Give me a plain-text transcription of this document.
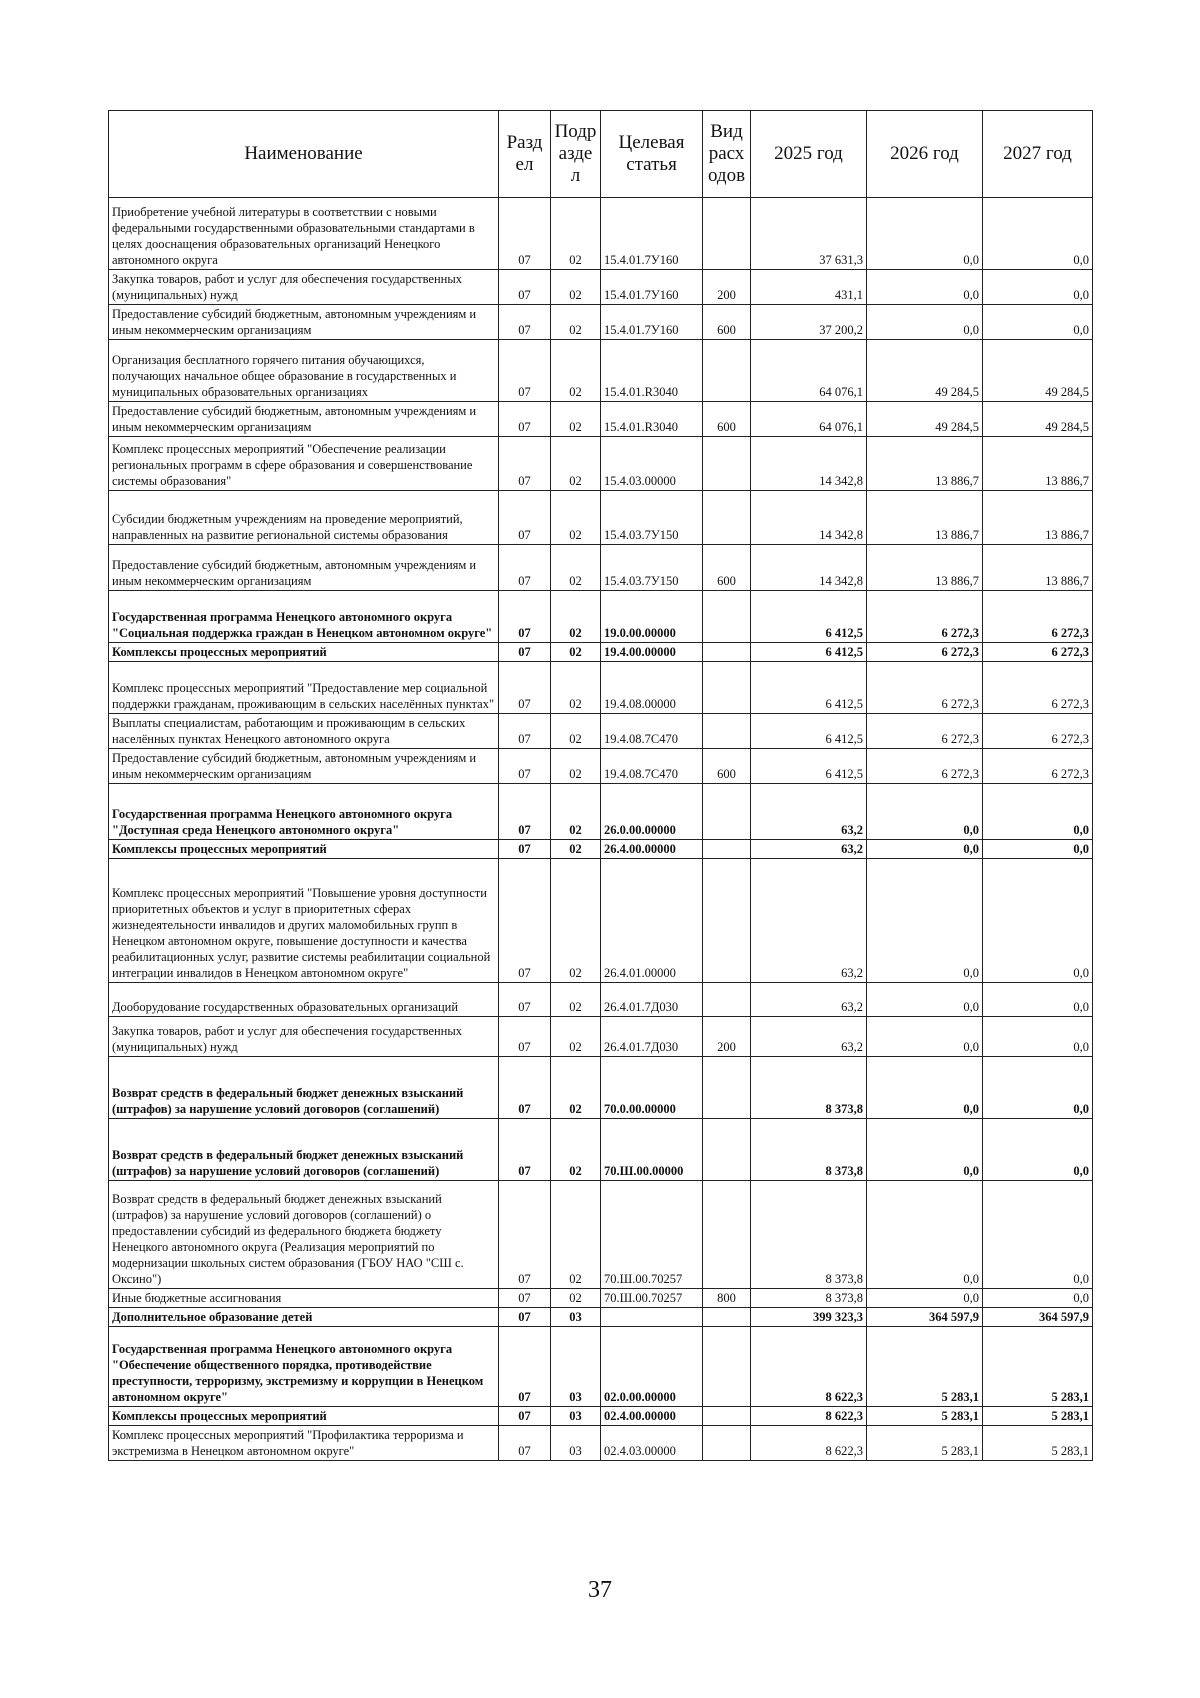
Наименование	Разд ел	Подр азде л	Целевая статья	Вид расх одов	2025 год	2026 год	2027 год
Приобретение учебной литературы в соответствии с новыми федеральными государственными образовательными стандартами в целях дооснащения образовательных организаций Ненецкого автономного округа	07	02	15.4.01.7У160		37 631,3	0,0	0,0
Закупка товаров, работ и услуг для обеспечения государственных (муниципальных) нужд	07	02	15.4.01.7У160	200	431,1	0,0	0,0
Предоставление субсидий бюджетным, автономным учреждениям и иным некоммерческим организациям	07	02	15.4.01.7У160	600	37 200,2	0,0	0,0
Организация бесплатного горячего питания обучающихся, получающих начальное общее образование в государственных и муниципальных образовательных организациях	07	02	15.4.01.R3040		64 076,1	49 284,5	49 284,5
Предоставление субсидий бюджетным, автономным учреждениям и иным некоммерческим организациям	07	02	15.4.01.R3040	600	64 076,1	49 284,5	49 284,5
Комплекс процессных мероприятий "Обеспечение реализации региональных программ в сфере образования и совершенствование системы образования"	07	02	15.4.03.00000		14 342,8	13 886,7	13 886,7
Субсидии бюджетным учреждениям на проведение мероприятий, направленных на развитие региональной системы образования	07	02	15.4.03.7У150		14 342,8	13 886,7	13 886,7
Предоставление субсидий бюджетным, автономным учреждениям и иным некоммерческим организациям	07	02	15.4.03.7У150	600	14 342,8	13 886,7	13 886,7
Государственная программа Ненецкого автономного округа "Социальная поддержка граждан в Ненецком автономном округе"	07	02	19.0.00.00000		6 412,5	6 272,3	6 272,3
Комплексы процессных мероприятий	07	02	19.4.00.00000		6 412,5	6 272,3	6 272,3
Комплекс процессных мероприятий "Предоставление мер социальной поддержки гражданам, проживающим в сельских населённых пунктах"	07	02	19.4.08.00000		6 412,5	6 272,3	6 272,3
Выплаты специалистам, работающим и проживающим в сельских населённых пунктах Ненецкого автономного округа	07	02	19.4.08.7С470		6 412,5	6 272,3	6 272,3
Предоставление субсидий бюджетным, автономным учреждениям и иным некоммерческим организациям	07	02	19.4.08.7С470	600	6 412,5	6 272,3	6 272,3
Государственная программа Ненецкого автономного округа "Доступная среда Ненецкого автономного округа"	07	02	26.0.00.00000		63,2	0,0	0,0
Комплексы процессных мероприятий	07	02	26.4.00.00000		63,2	0,0	0,0
Комплекс процессных мероприятий "Повышение уровня доступности приоритетных объектов и услуг в приоритетных сферах жизнедеятельности инвалидов и других маломобильных групп в Ненецком автономном округе, повышение доступности и качества реабилитационных услуг, развитие системы реабилитации социальной интеграции инвалидов в Ненецком автономном округе"	07	02	26.4.01.00000		63,2	0,0	0,0
Дооборудование государственных образовательных организаций	07	02	26.4.01.7Д030		63,2	0,0	0,0
Закупка товаров, работ и услуг для обеспечения государственных (муниципальных) нужд	07	02	26.4.01.7Д030	200	63,2	0,0	0,0
Возврат средств в федеральный бюджет денежных взысканий (штрафов) за нарушение условий договоров (соглашений)	07	02	70.0.00.00000		8 373,8	0,0	0,0
Возврат средств в федеральный бюджет денежных взысканий (штрафов) за нарушение условий договоров (соглашений)	07	02	70.Ш.00.00000		8 373,8	0,0	0,0
Возврат средств в федеральный бюджет денежных взысканий (штрафов) за нарушение условий договоров (соглашений) о предоставлении субсидий из федерального бюджета бюджету Ненецкого автономного округа (Реализация мероприятий по модернизации школьных систем образования (ГБОУ НАО "СШ с. Оксино")	07	02	70.Ш.00.70257		8 373,8	0,0	0,0
Иные бюджетные ассигнования	07	02	70.Ш.00.70257	800	8 373,8	0,0	0,0
Дополнительное образование детей	07	03			399 323,3	364 597,9	364 597,9
Государственная программа Ненецкого автономного округа "Обеспечение общественного порядка, противодействие преступности, терроризму, экстремизму и коррупции в Ненецком автономном округе"	07	03	02.0.00.00000		8 622,3	5 283,1	5 283,1
Комплексы процессных мероприятий	07	03	02.4.00.00000		8 622,3	5 283,1	5 283,1
Комплекс процессных мероприятий "Профилактика терроризма и экстремизма в Ненецком автономном округе"	07	03	02.4.03.00000		8 622,3	5 283,1	5 283,1
37
